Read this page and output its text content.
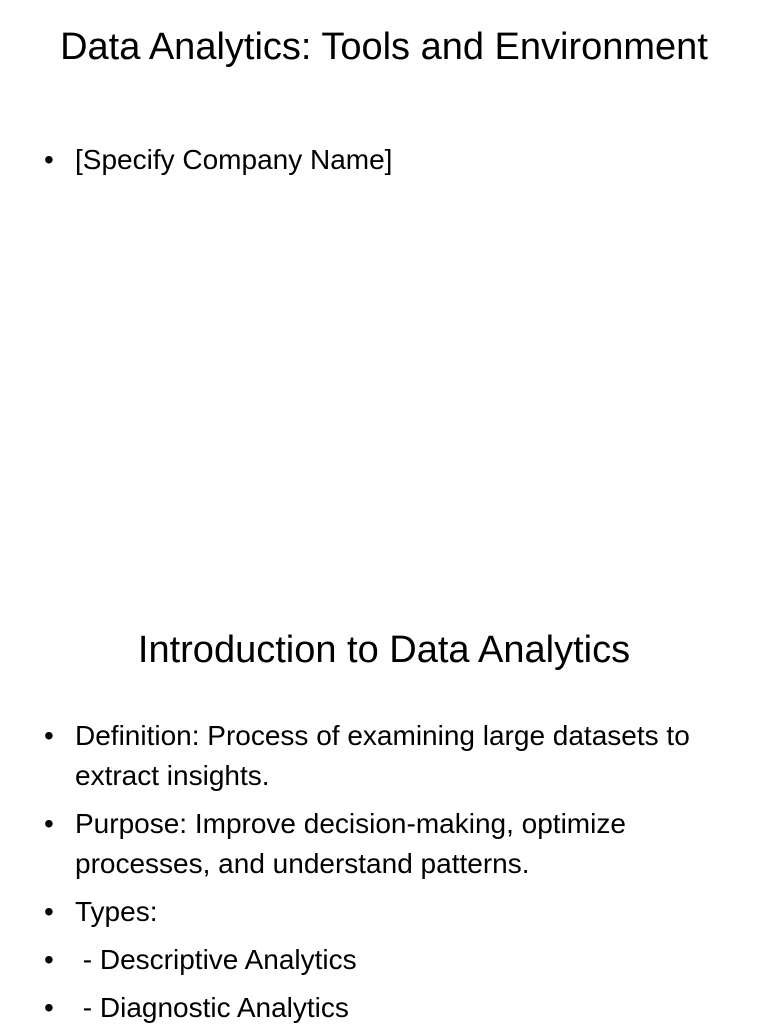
Data Analytics: Tools and Environment
• [Specify Company Name]
Introduction to Data Analytics
• Definition: Process of examining large datasets to extract insights.
• Purpose: Improve decision-making, optimize processes, and understand patterns.
• Types:
• - Descriptive Analytics
• - Diagnostic Analytics
